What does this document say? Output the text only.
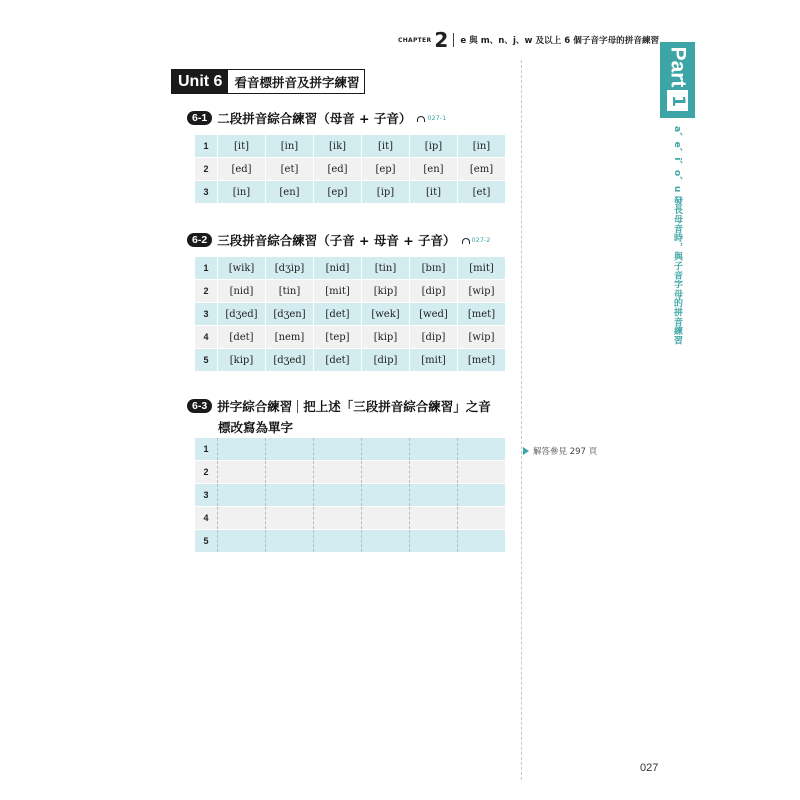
CHAPTER 2 e 與 m、n、j、w 及以上 6 個子音字母的拼音練習
Part
1
a、e、i、o、u 發長母音時，與子音字母的拼音練習
Unit 6 看音標拼音及拼字練習
6-1 二段拼音綜合練習（母音 + 子音） 027-1
1	[it]	[in]	[ik]	[it]	[ip]	[in]
2	[ed]	[et]	[ed]	[ep]	[en]	[em]
3	[in]	[en]	[ep]	[ip]	[it]	[et]
6-2 三段拼音綜合練習（子音 + 母音 + 子音） 027-2
1	[wik]	[dʒip]	[nid]	[tin]	[bɪn]	[mit]
2	[nid]	[tin]	[mit]	[kip]	[dip]	[wip]
3	[dʒed]	[dʒen]	[det]	[wek]	[wed]	[met]
4	[det]	[nem]	[tep]	[kip]	[dip]	[wip]
5	[kip]	[dʒed]	[det]	[dip]	[mit]	[met]
6-3 拼字綜合練習 把上述「三段拼音綜合練習」之音
標改寫為單字
1						
2						
3						
4						
5						
解答參見 297 頁
027
